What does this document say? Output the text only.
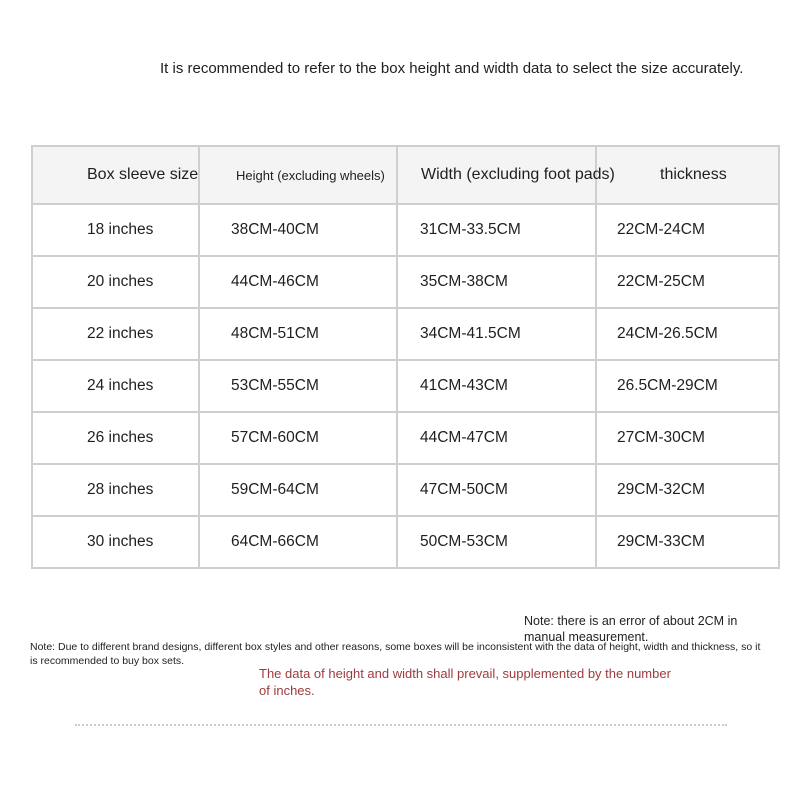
It is recommended to refer to the box height and width data to select the size accurately.
Box sleeve size	Height (excluding wheels)	Width (excluding foot pads)	thickness
18 inches	38CM-40CM	31CM-33.5CM	22CM-24CM
20 inches	44CM-46CM	35CM-38CM	22CM-25CM
22 inches	48CM-51CM	34CM-41.5CM	24CM-26.5CM
24 inches	53CM-55CM	41CM-43CM	26.5CM-29CM
26 inches	57CM-60CM	44CM-47CM	27CM-30CM
28 inches	59CM-64CM	47CM-50CM	29CM-32CM
30 inches	64CM-66CM	50CM-53CM	29CM-33CM
Note: there is an error of about 2CM in manual measurement.
Note: Due to different brand designs, different box styles and other reasons, some boxes will be inconsistent with the data of height, width and thickness, so it is recommended to buy box sets.
The data of height and width shall prevail, supplemented by the number of inches.
